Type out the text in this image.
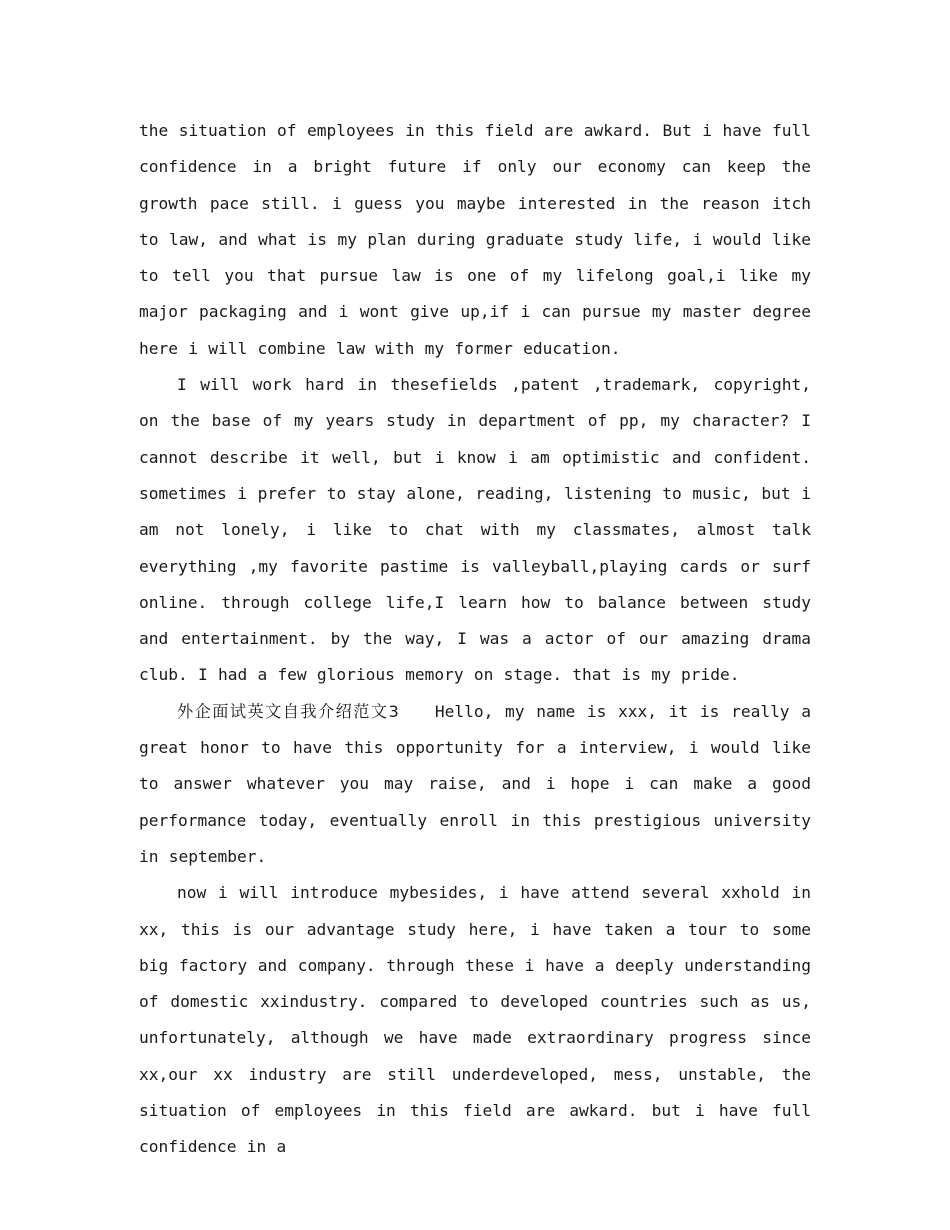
the situation of employees in this field are awkard. But i have full confidence in a bright future if only our economy can keep the growth pace still. i guess you maybe interested in the reason itch to law, and what is my plan during graduate study life, i would like to tell you that pursue law is one of my lifelong goal,i like my major packaging and i wont give up,if i can pursue my master degree here i will combine law with my former education.

I will work hard in thesefields ,patent ,trademark, copyright, on the base of my years study in department of pp, my character? I cannot describe it well, but i know i am optimistic and confident. sometimes i prefer to stay alone, reading, listening to music, but i am not lonely, i like to chat with my classmates, almost talk everything ,my favorite pastime is valleyball,playing cards or surf online. through college life,I learn how to balance between study and entertainment. by the way, I was a actor of our amazing drama club. I had a few glorious memory on stage. that is my pride.

外企面试英文自我介绍范文3 Hello, my name is xxx, it is really a great honor to have this opportunity for a interview, i would like to answer whatever you may raise, and i hope i can make a good performance today, eventually enroll in this prestigious university in september.

now i will introduce mybesides, i have attend several xxhold in xx, this is our advantage study here, i have taken a tour to some big factory and company. through these i have a deeply understanding of domestic xxindustry. compared to developed countries such as us, unfortunately, although we have made extraordinary progress since xx,our xx industry are still underdeveloped, mess, unstable, the situation of employees in this field are awkard. but i have full confidence in a
